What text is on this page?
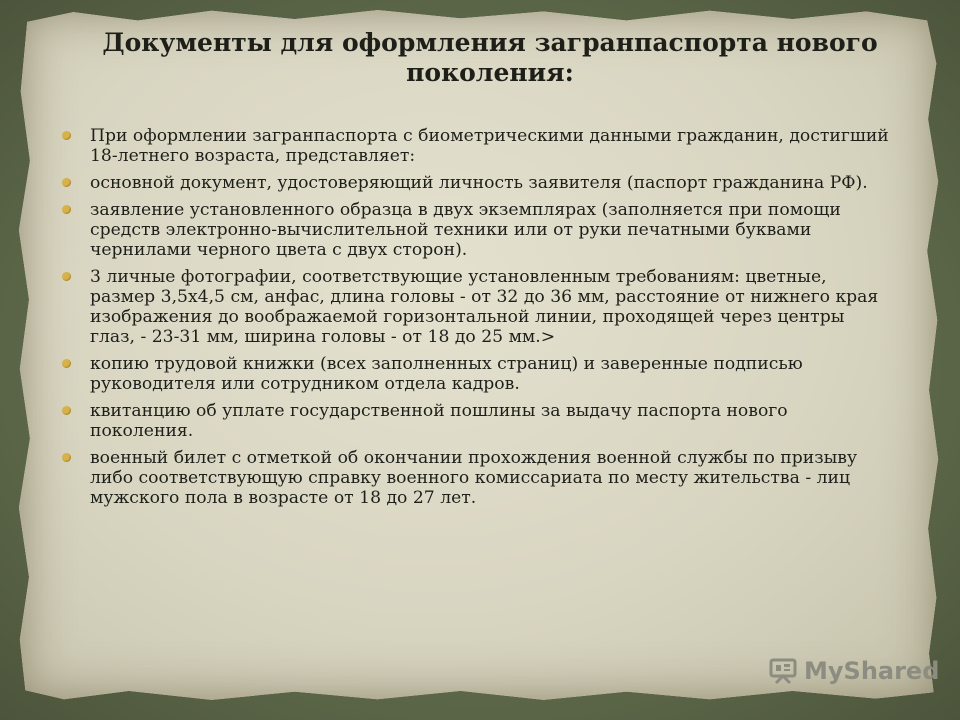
Документы для оформления загранпаспорта нового поколения:
При оформлении загранпаспорта с биометрическими данными гражданин, достигший 18-летнего возраста, представляет:
основной документ, удостоверяющий личность заявителя (паспорт гражданина РФ).
заявление установленного образца в двух экземплярах (заполняется при помощи средств электронно-вычислительной техники или от руки печатными буквами чернилами черного цвета с двух сторон).
3 личные фотографии, соответствующие установленным требованиям: цветные, размер 3,5х4,5 см, анфас, длина головы - от 32 до 36 мм, расстояние от нижнего края изображения до воображаемой горизонтальной линии, проходящей через центры глаз, - 23-31 мм, ширина головы - от 18 до 25 мм.>
копию трудовой книжки (всех заполненных страниц) и заверенные подписью руководителя или сотрудником отдела кадров.
квитанцию об уплате государственной пошлины за выдачу паспорта нового поколения.
военный билет с отметкой об окончании прохождения военной службы по призыву либо соответствующую справку военного комиссариата по месту жительства - лиц мужского пола в возрасте от 18 до 27 лет.
MyShared
